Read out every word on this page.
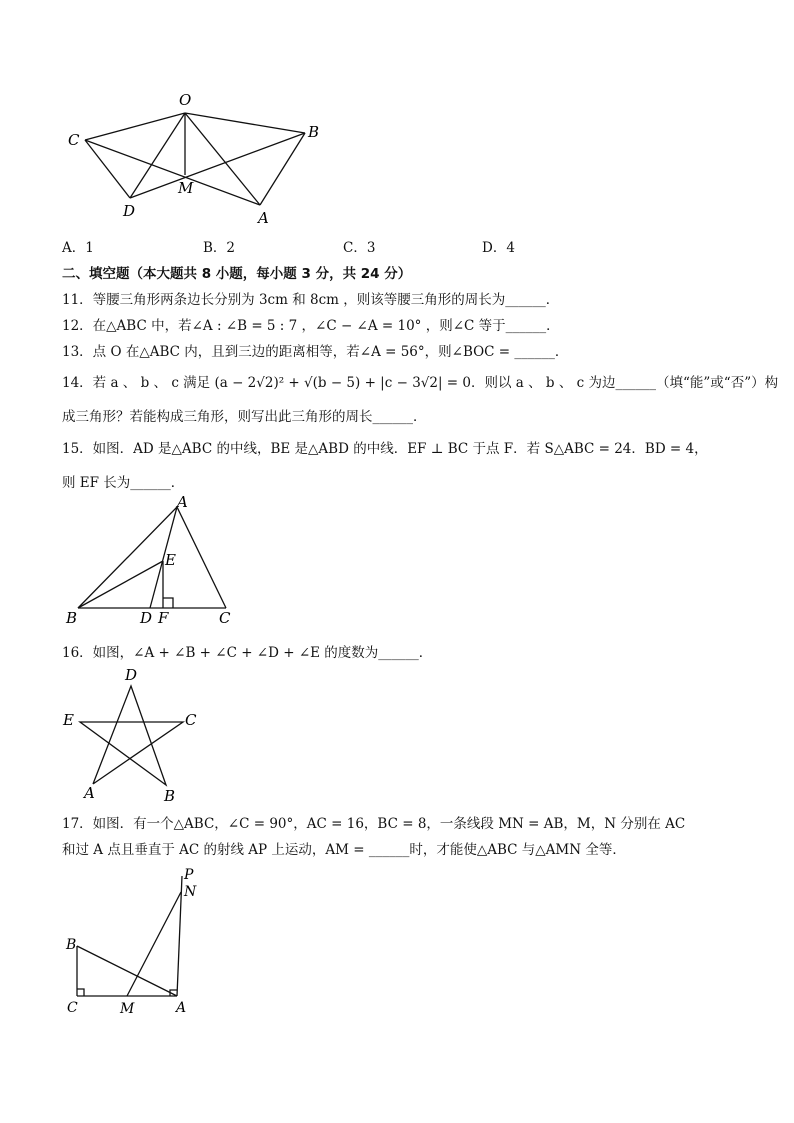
O
B
C
D
M
A
A．1	B．2	C．3	D．4
二、填空题（本大题共 8 小题，每小题 3 分，共 24 分）
11．等腰三角形两条边长分别为 3cm 和 8cm ，则该等腰三角形的周长为______．
12．在△ABC 中，若∠A : ∠B = 5 : 7 ，∠C − ∠A = 10° ，则∠C 等于______．
13．点 O 在△ABC 内，且到三边的距离相等，若∠A = 56°，则∠BOC = ______．
14．若 a 、 b 、 c 满足 (a − 2√2)² + √(b − 5) + |c − 3√2| = 0．则以 a 、 b 、 c 为边______（填“能”或“否”）构
成三角形？若能构成三角形，则写出此三角形的周长______．
15．如图．AD 是△ABC 的中线，BE 是△ABD 的中线．EF ⊥ BC 于点 F．若 S△ABC = 24．BD = 4，
则 EF 长为______．
A
E
B	D F	C
16．如图，∠A + ∠B + ∠C + ∠D + ∠E 的度数为______．
D
E	C
A	B
17．如图．有一个△ABC，∠C = 90°，AC = 16，BC = 8，一条线段 MN = AB，M，N 分别在 AC
和过 A 点且垂直于 AC 的射线 AP 上运动，AM = ______时，才能使△ABC 与△AMN 全等．
P
N
B
C	M	A
